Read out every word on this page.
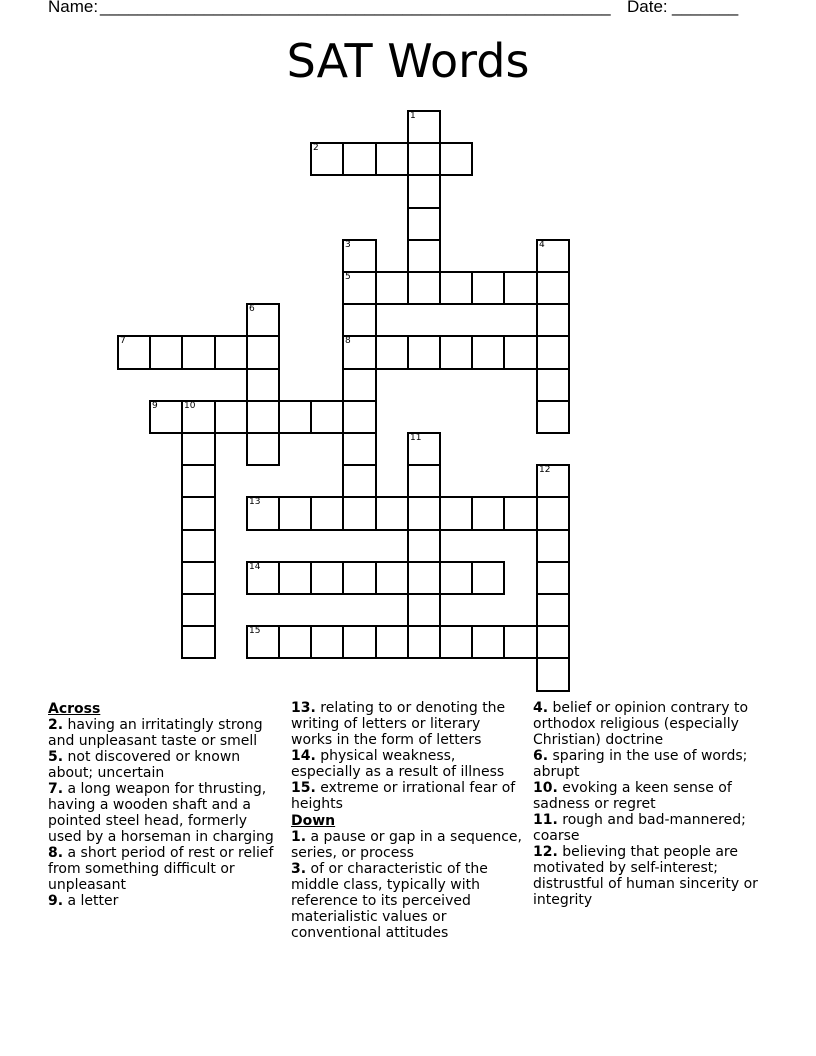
Name: ______________________________________________________ Date: _______
SAT Words
1
2
3
5
8
4
6
7
9	10
11
12
13
14
15
Across
2. having an irritatingly strong and unpleasant taste or smell
5. not discovered or known about; uncertain
7. a long weapon for thrusting, having a wooden shaft and a pointed steel head, formerly used by a horseman in charging
8. a short period of rest or relief from something difficult or unpleasant
9. a letter
13. relating to or denoting the writing of letters or literary works in the form of letters
14. physical weakness, especially as a result of illness
15. extreme or irrational fear of heights
Down
1. a pause or gap in a sequence, series, or process
3. of or characteristic of the middle class, typically with reference to its perceived materialistic values or conventional attitudes
4. belief or opinion contrary to orthodox religious (especially Christian) doctrine
6. sparing in the use of words; abrupt
10. evoking a keen sense of sadness or regret
11. rough and bad-mannered; coarse
12. believing that people are motivated by self-interest; distrustful of human sincerity or integrity
